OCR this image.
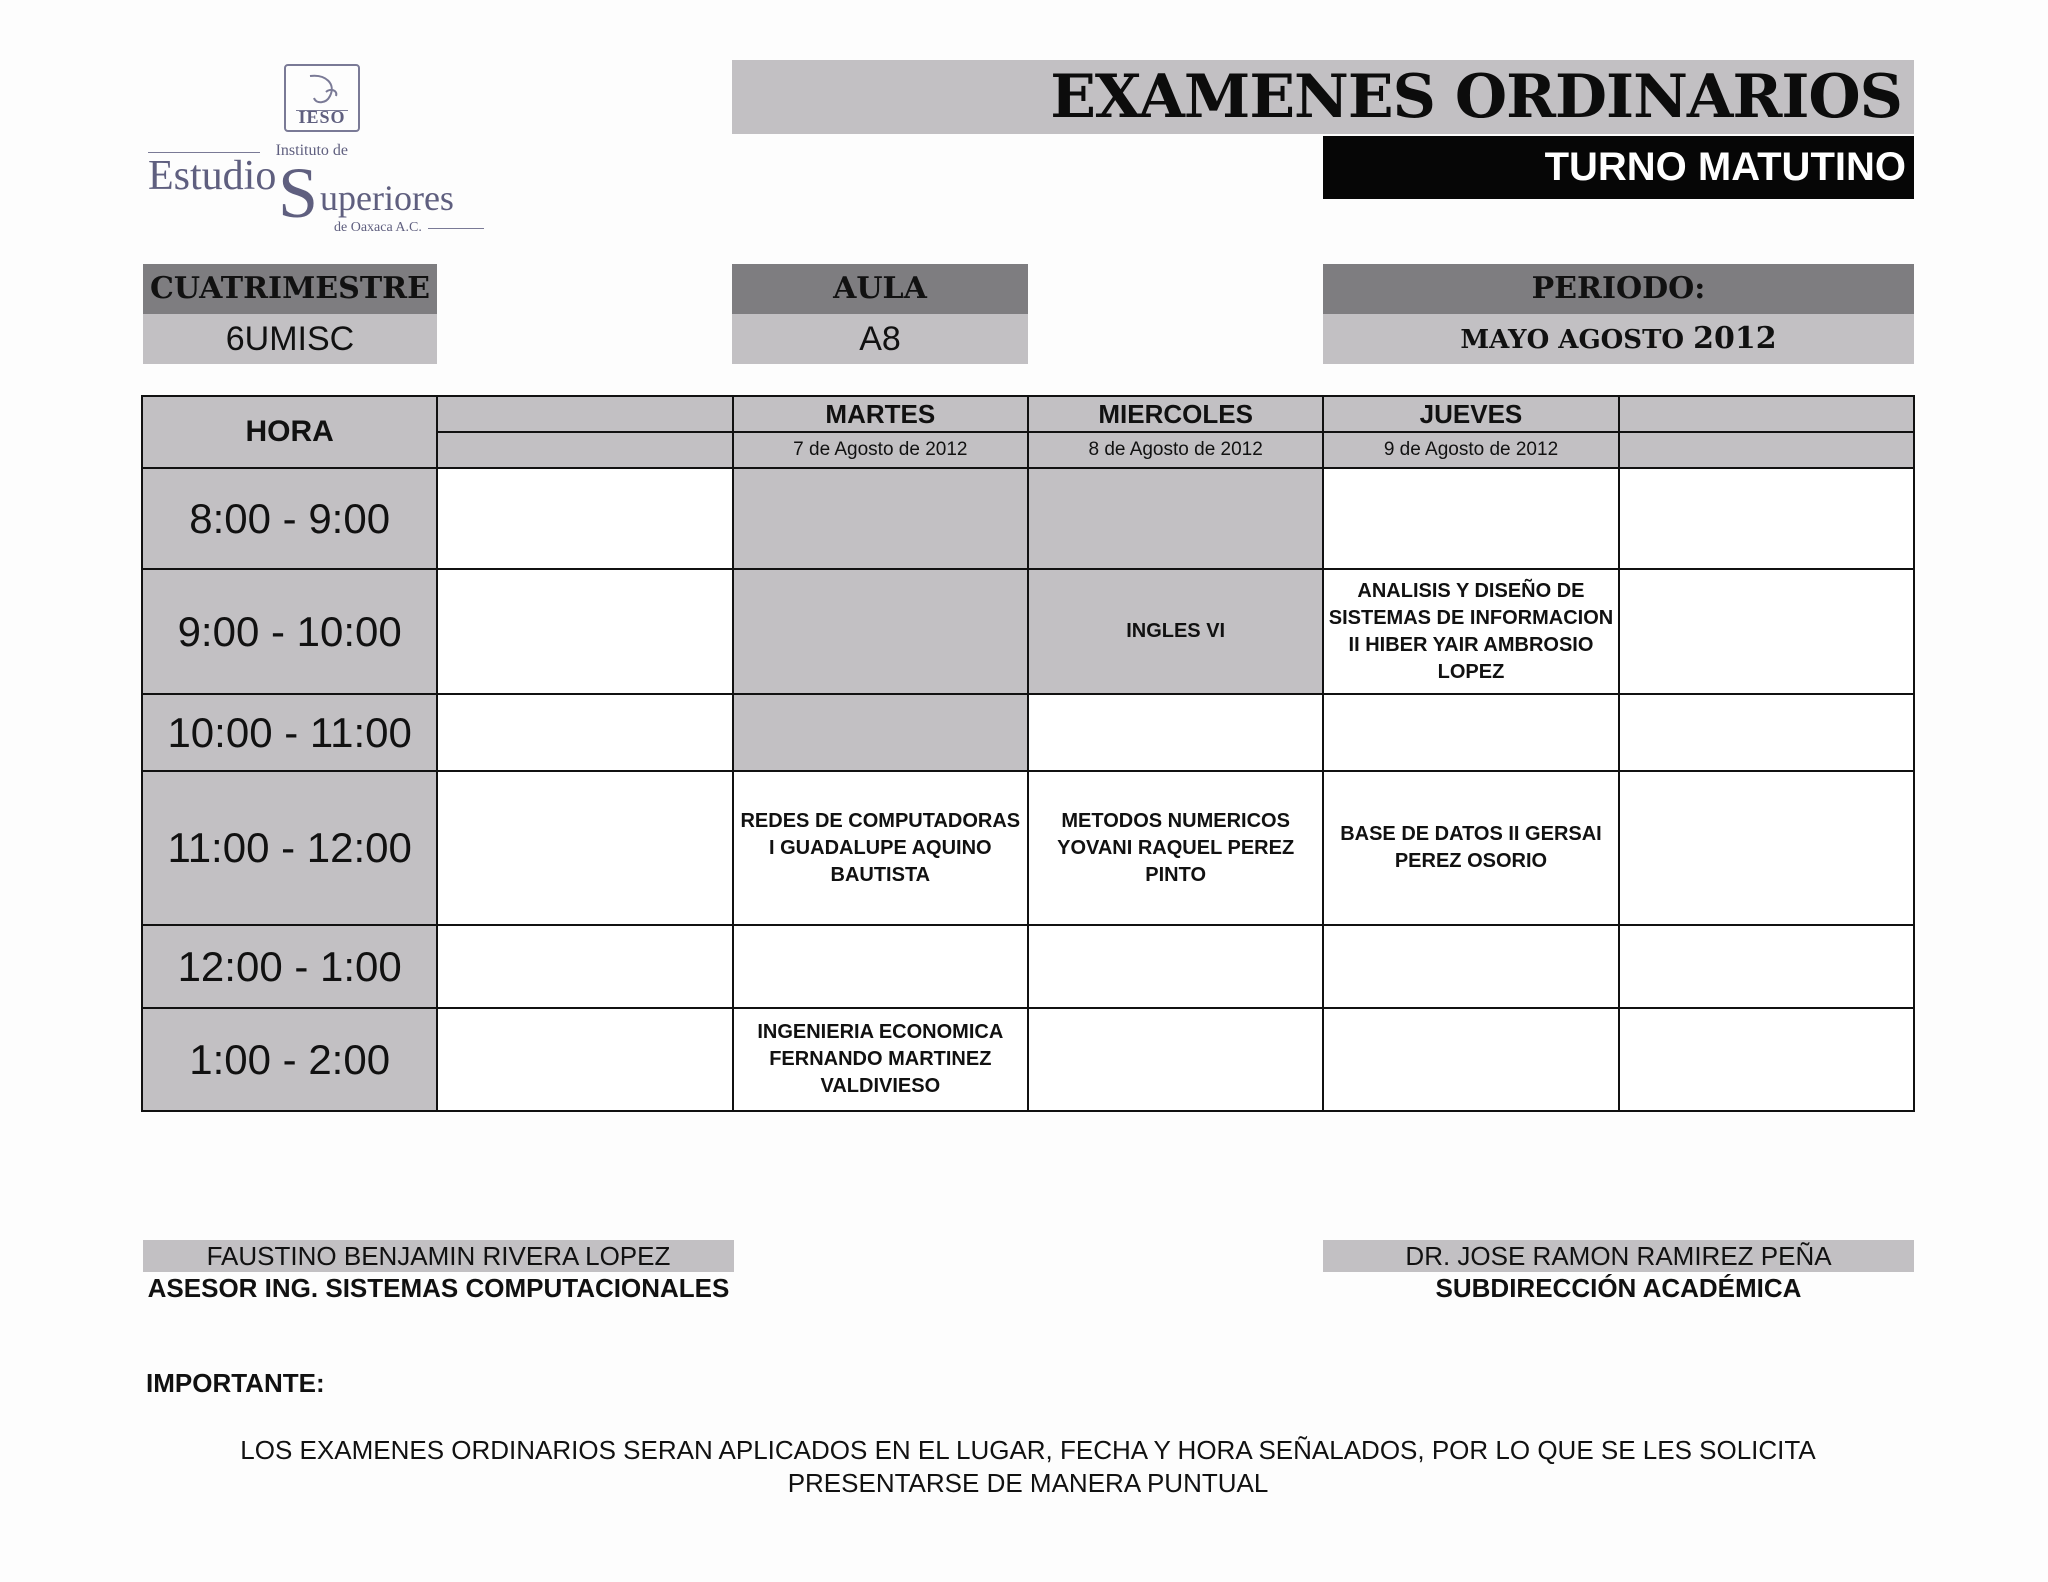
IESO
Instituto de
Estudio S uperiores
de Oaxaca A.C.
EXAMENES ORDINARIOS
TURNO MATUTINO
CUATRIMESTRE
6UMISC
AULA
A8
PERIODO:
MAYO AGOSTO 2012
HORA		MARTES	MIERCOLES	JUEVES	
		7 de Agosto de 2012	8 de Agosto de 2012	9 de Agosto de 2012	
8:00 - 9:00					
9:00 - 10:00			INGLES VI	ANALISIS Y DISEÑO DE SISTEMAS DE INFORMACION II HIBER YAIR AMBROSIO LOPEZ	
10:00 - 11:00					
11:00 - 12:00		REDES DE COMPUTADORAS I GUADALUPE AQUINO BAUTISTA	METODOS NUMERICOS YOVANI RAQUEL PEREZ PINTO	BASE DE DATOS II GERSAI PEREZ OSORIO	
12:00 - 1:00					
1:00 - 2:00		INGENIERIA ECONOMICA FERNANDO MARTINEZ VALDIVIESO			
FAUSTINO BENJAMIN RIVERA LOPEZ
ASESOR ING. SISTEMAS COMPUTACIONALES
DR. JOSE RAMON RAMIREZ PEÑA
SUBDIRECCIÓN ACADÉMICA
IMPORTANTE:
LOS EXAMENES ORDINARIOS SERAN APLICADOS EN EL LUGAR, FECHA Y HORA SEÑALADOS, POR LO QUE SE LES SOLICITA
PRESENTARSE DE MANERA PUNTUAL
